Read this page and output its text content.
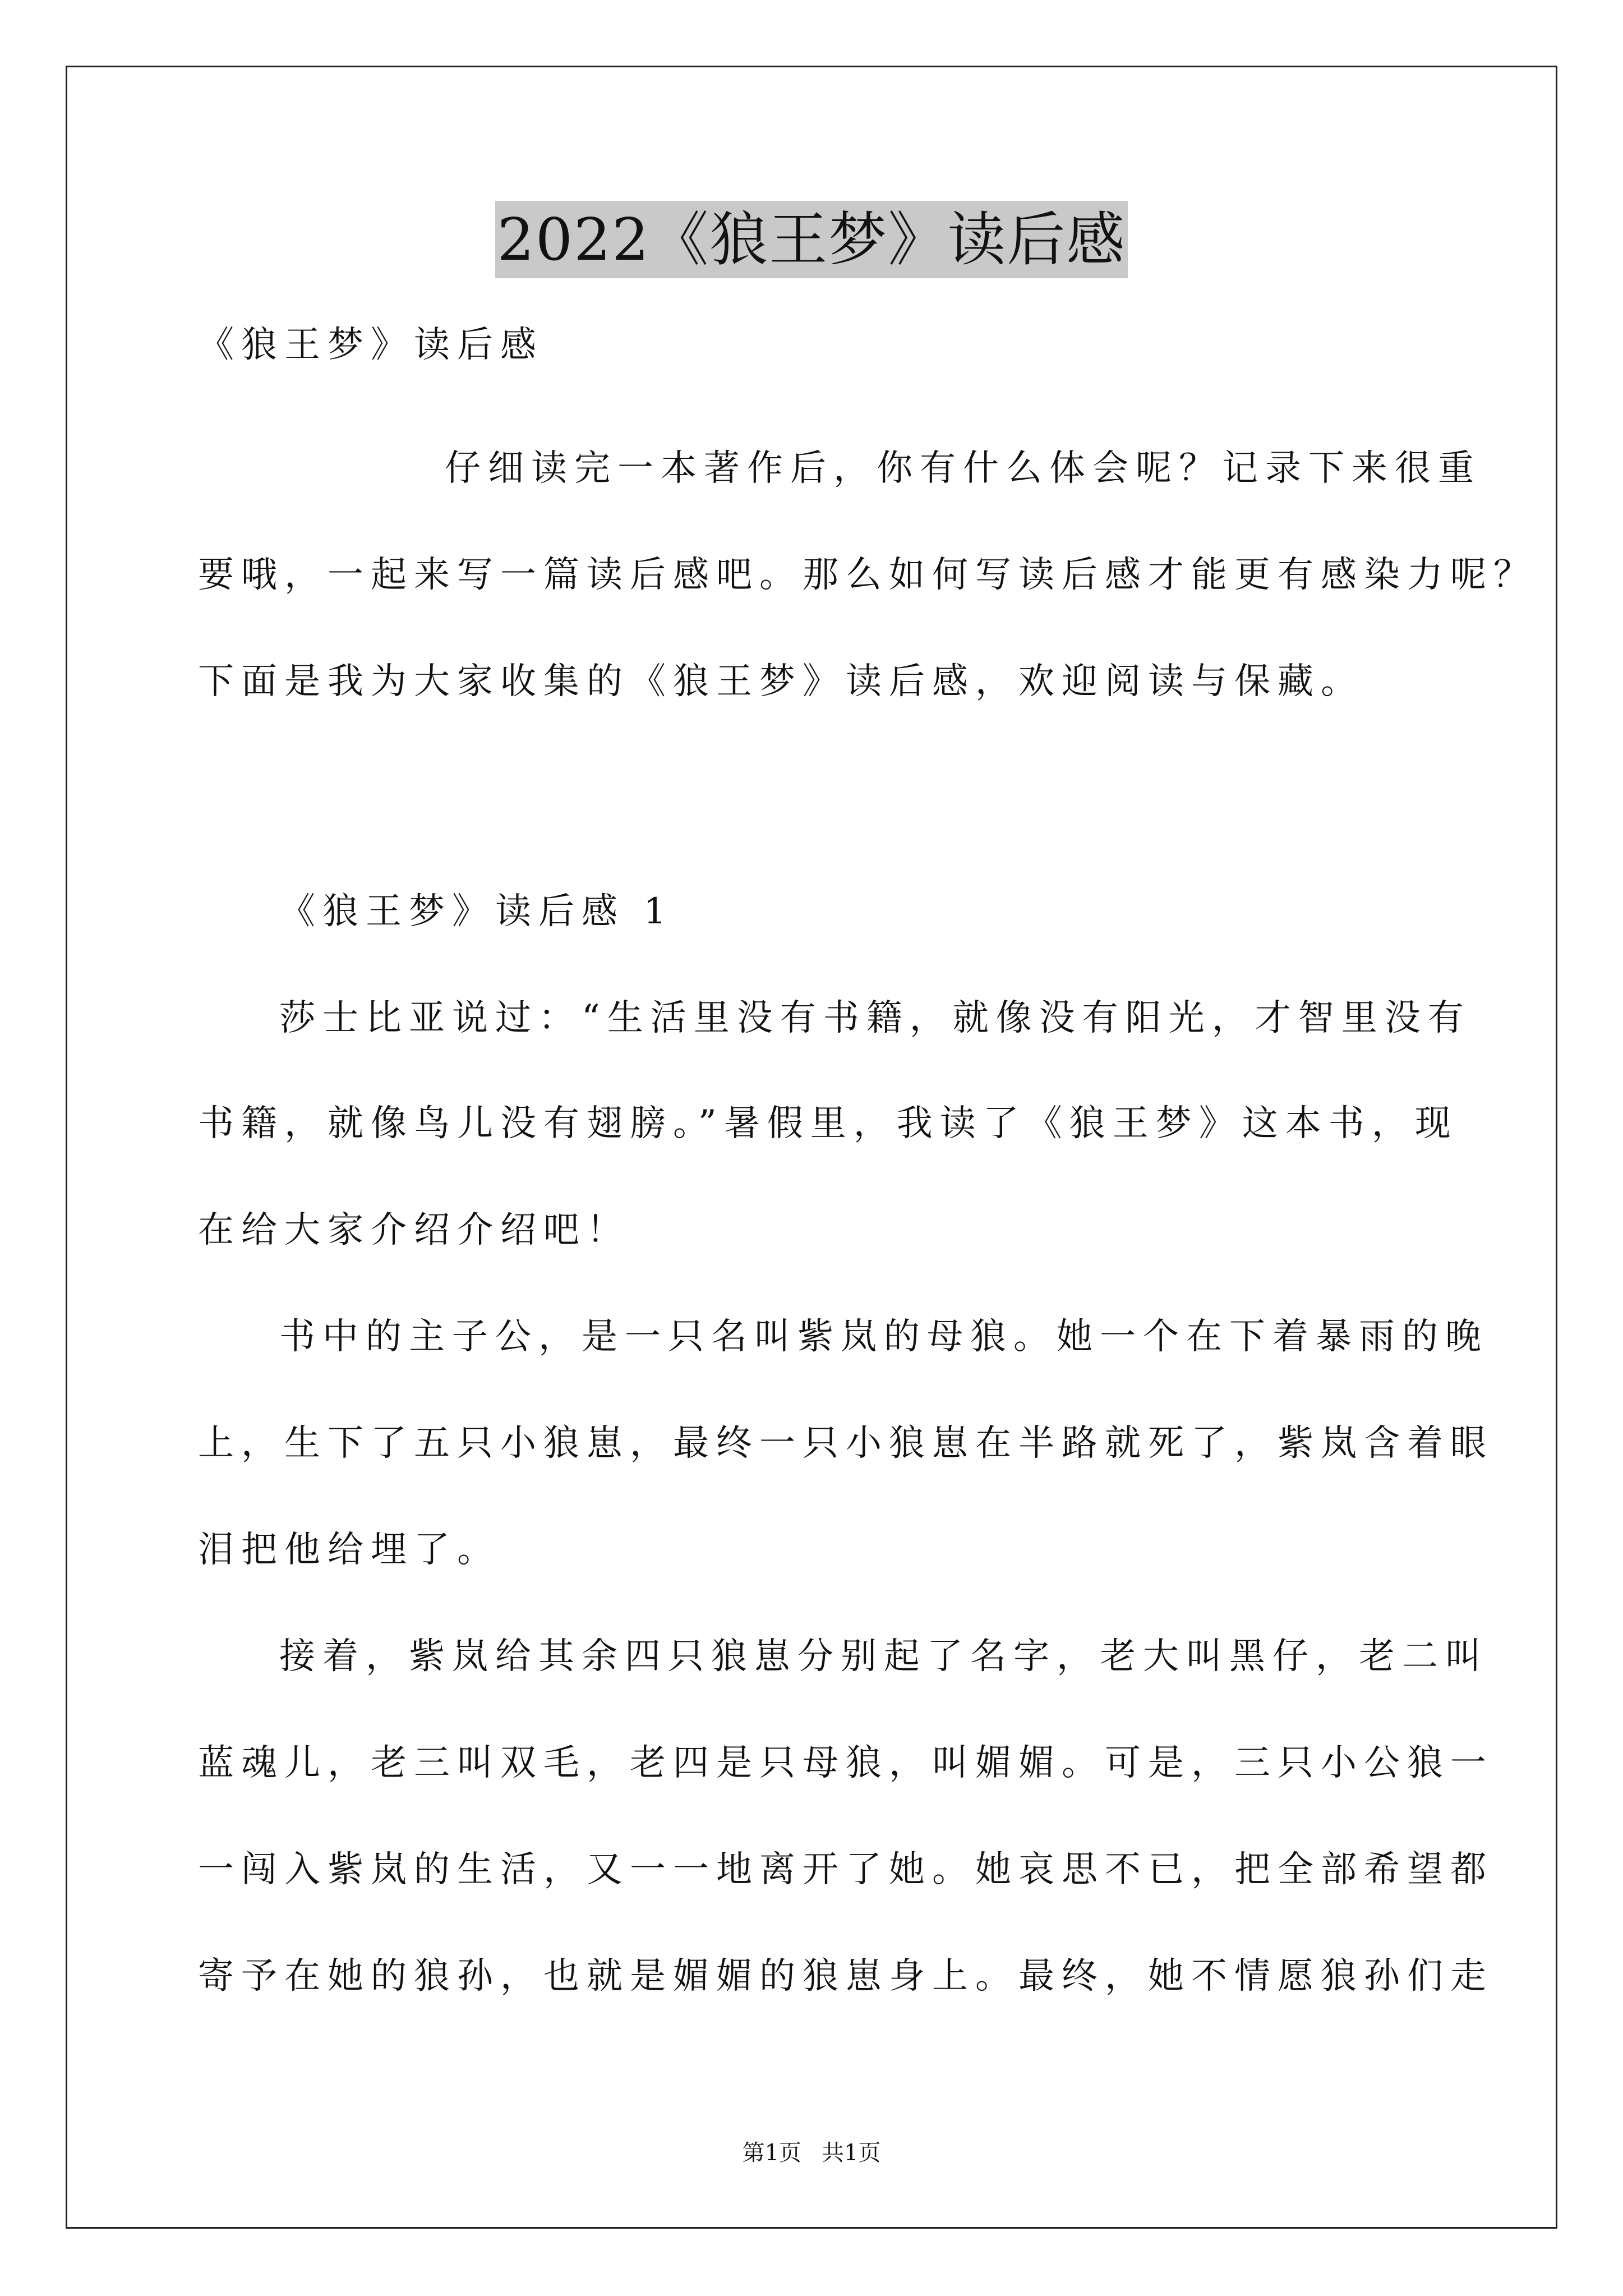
2022《狼王梦》读后感
《狼王梦》读后感
仔细读完一本著作后，你有什么体会呢？记录下来很重
要哦，一起来写一篇读后感吧。那么如何写读后感才能更有感染力呢？
下面是我为大家收集的《狼王梦》读后感，欢迎阅读与保藏。
《狼王梦》读后感 1
莎士比亚说过：“生活里没有书籍，就像没有阳光，才智里没有
书籍，就像鸟儿没有翅膀。”暑假里，我读了《狼王梦》这本书，现
在给大家介绍介绍吧！
书中的主子公，是一只名叫紫岚的母狼。她一个在下着暴雨的晚
上，生下了五只小狼崽，最终一只小狼崽在半路就死了，紫岚含着眼
泪把他给埋了。
接着，紫岚给其余四只狼崽分别起了名字，老大叫黑仔，老二叫
蓝魂儿，老三叫双毛，老四是只母狼，叫媚媚。可是，三只小公狼一
一闯入紫岚的生活，又一一地离开了她。她哀思不已，把全部希望都
寄予在她的狼孙，也就是媚媚的狼崽身上。最终，她不情愿狼孙们走
第1页 共1页
